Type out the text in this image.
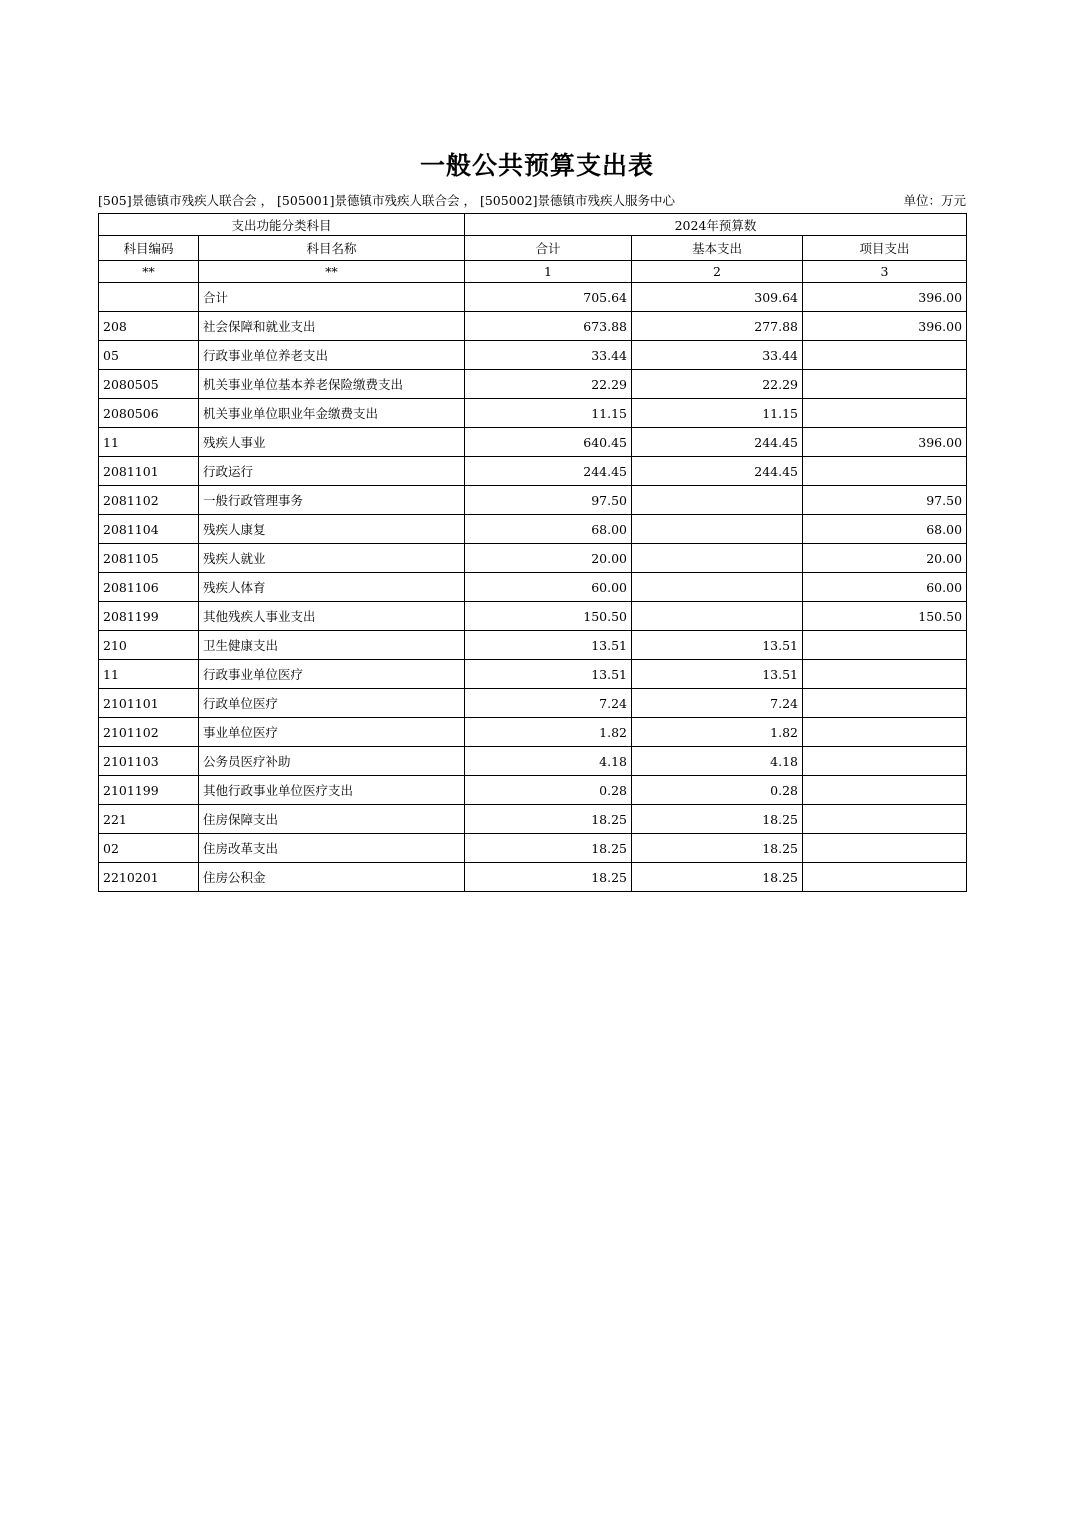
一般公共预算支出表
[505]景德镇市残疾人联合会 ， [505001]景德镇市残疾人联合会 ， [505002]景德镇市残疾人服务中心	单位：万元
支出功能分类科目		2024年预算数		
科目编码	科目名称	合计	基本支出	项目支出
**	**	1	2	3
	合计	705.64	309.64	396.00
208	社会保障和就业支出	673.88	277.88	396.00
05	行政事业单位养老支出	33.44	33.44	
2080505	机关事业单位基本养老保险缴费支出	22.29	22.29	
2080506	机关事业单位职业年金缴费支出	11.15	11.15	
11	残疾人事业	640.45	244.45	396.00
2081101	行政运行	244.45	244.45	
2081102	一般行政管理事务	97.50		97.50
2081104	残疾人康复	68.00		68.00
2081105	残疾人就业	20.00		20.00
2081106	残疾人体育	60.00		60.00
2081199	其他残疾人事业支出	150.50		150.50
210	卫生健康支出	13.51	13.51	
11	行政事业单位医疗	13.51	13.51	
2101101	行政单位医疗	7.24	7.24	
2101102	事业单位医疗	1.82	1.82	
2101103	公务员医疗补助	4.18	4.18	
2101199	其他行政事业单位医疗支出	0.28	0.28	
221	住房保障支出	18.25	18.25	
02	住房改革支出	18.25	18.25	
2210201	住房公积金	18.25	18.25	
